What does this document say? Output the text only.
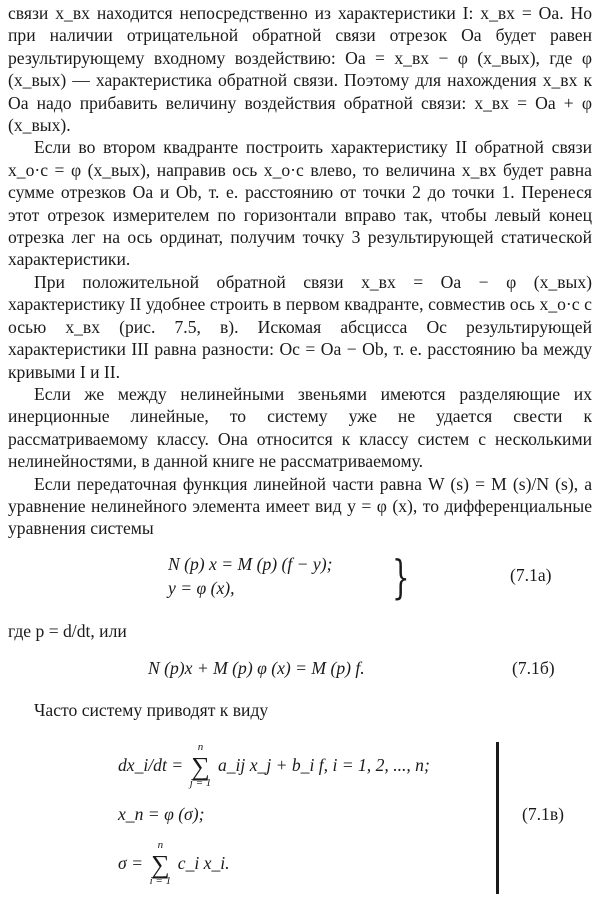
связи x_вх находится непосредственно из характеристики I: x_вх = Oa. Но при наличии отрицательной обратной связи отрезок Oa будет равен результирующему входному воздействию: Oa = x_вх − φ (x_вых), где φ (x_вых) — характеристика обратной связи. Поэтому для нахождения x_вх к Oa надо прибавить величину воздействия обратной связи: x_вх = Oa + φ (x_вых).

Если во втором квадранте построить характеристику II обратной связи x_о·с = φ (x_вых), направив ось x_о·с влево, то величина x_вх будет равна сумме отрезков Oa и Ob, т. е. расстоянию от точки 2 до точки 1. Перенеся этот отрезок измерителем по горизонтали вправо так, чтобы левый конец отрезка лег на ось ординат, получим точку 3 результирующей статической характеристики.

При положительной обратной связи x_вх = Oa − φ (x_вых) характеристику II удобнее строить в первом квадранте, совместив ось x_о·с с осью x_вх (рис. 7.5, в). Искомая абсцисса Oc результирующей характеристики III равна разности: Oc = Oa − Ob, т. е. расстоянию ba между кривыми I и II.

Если же между нелинейными звеньями имеются разделяющие их инерционные линейные, то систему уже не удается свести к рассматриваемому классу. Она относится к классу систем с несколькими нелинейностями, в данной книге не рассматриваемому.

Если передаточная функция линейной части равна W (s) = M (s)/N (s), а уравнение нелинейного элемента имеет вид y = φ (x), то дифференциальные уравнения системы

N (p) x = M (p) (f − y);
y = φ (x),	}	(7.1а)
где p = d/dt, или
N (p)x + M (p) φ (x) = M (p) f.	(7.1б)
Часто систему приводят к виду
dx_i/dt = ∑
n
j = 1
a_ij x_j + b_i f, i = 1, 2, ..., n;
x_n = φ (σ);
σ = ∑
n
i = 1
c_i x_i.
(7.1в)
